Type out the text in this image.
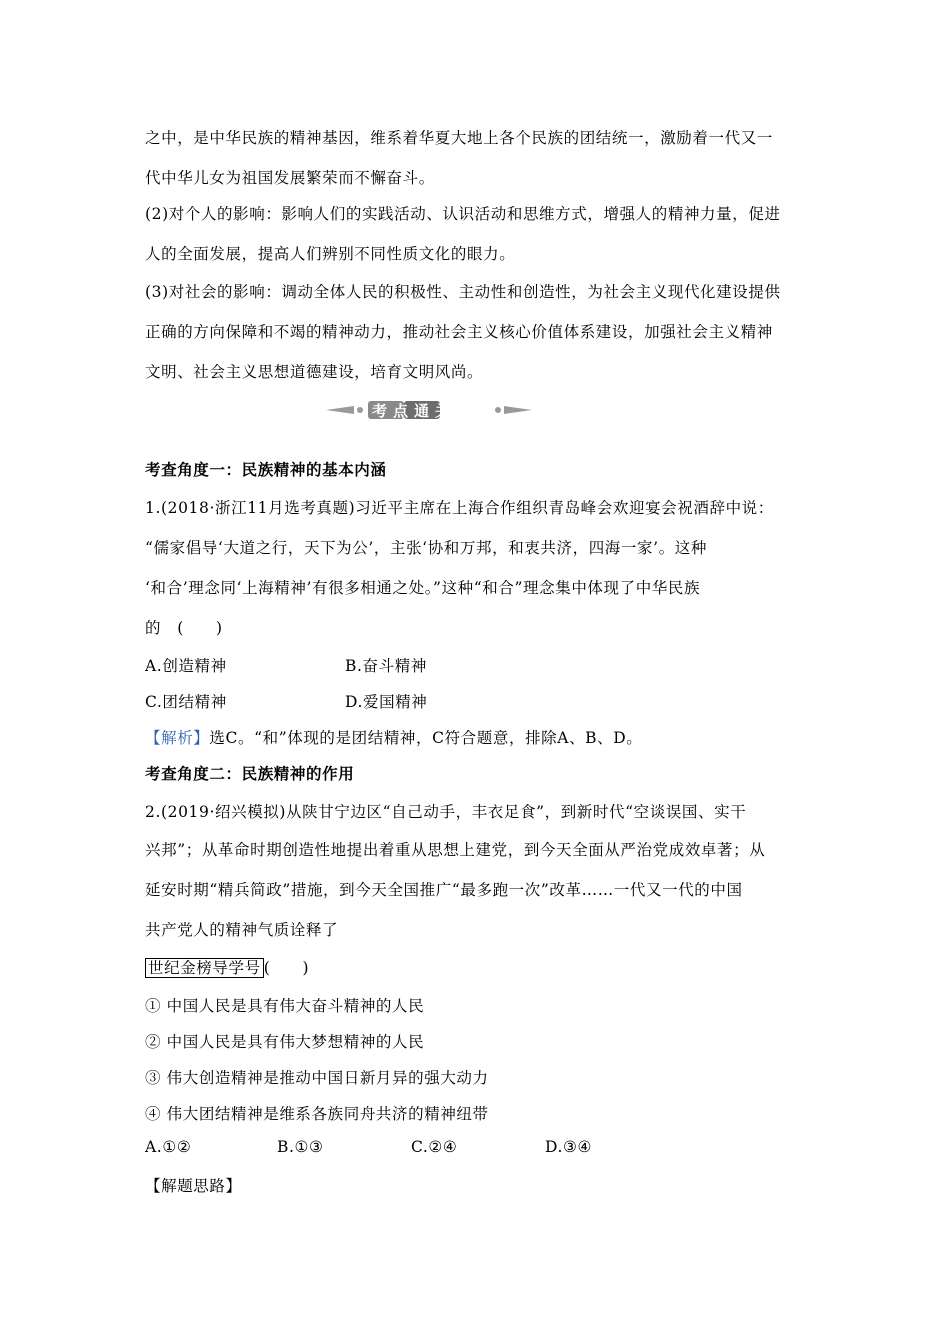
之中，是中华民族的精神基因，维系着华夏大地上各个民族的团结统一，激励着一代又一
代中华儿女为祖国发展繁荣而不懈奋斗。
(2)对个人的影响：影响人们的实践活动、认识活动和思维方式，增强人的精神力量，促进
人的全面发展，提高人们辨别不同性质文化的眼力。
(3)对社会的影响：调动全体人民的积极性、主动性和创造性，为社会主义现代化建设提供
正确的方向保障和不竭的精神动力，推动社会主义核心价值体系建设，加强社会主义精神
文明、社会主义思想道德建设，培育文明风尚。
考点通关
考查角度一：民族精神的基本内涵
1.(2018·浙江11月选考真题)习近平主席在上海合作组织青岛峰会欢迎宴会祝酒辞中说：
“儒家倡导‘大道之行，天下为公’，主张‘协和万邦，和衷共济，四海一家’。这种
‘和合’理念同‘上海精神’有很多相通之处。”这种“和合”理念集中体现了中华民族
的　(　　)
A.创造精神	B.奋斗精神
C.团结精神	D.爱国精神
【解析】选C。“和”体现的是团结精神，C符合题意，排除A、B、D。
考查角度二：民族精神的作用
2.(2019·绍兴模拟)从陕甘宁边区“自己动手，丰衣足食”，到新时代“空谈误国、实干
兴邦”；从革命时期创造性地提出着重从思想上建党，到今天全面从严治党成效卓著；从
延安时期“精兵简政”措施，到今天全国推广“最多跑一次”改革……一代又一代的中国
共产党人的精神气质诠释了
世纪金榜导学号 (　　)
① 中国人民是具有伟大奋斗精神的人民
② 中国人民是具有伟大梦想精神的人民
③ 伟大创造精神是推动中国日新月异的强大动力
④ 伟大团结精神是维系各族同舟共济的精神纽带
A.①②	B.①③	C.②④	D.③④
【解题思路】
